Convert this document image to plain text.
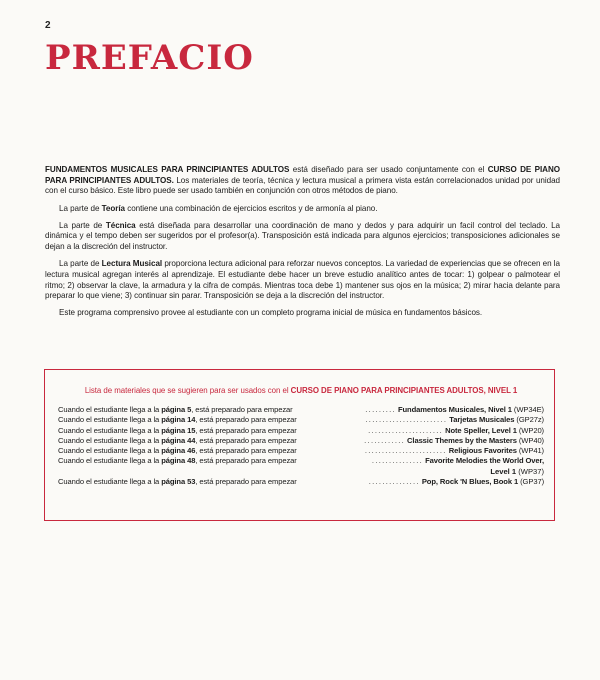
2
PREFACIO

FUNDAMENTOS MUSICALES PARA PRINCIPIANTES ADULTOS está diseñado para ser usado conjuntamente con el CURSO DE PIANO PARA PRINCIPIANTES ADULTOS. Los materiales de teoría, técnica y lectura musical a primera vista están correlacionados unidad por unidad con el curso básico. Este libro puede ser usado también en conjunción con otros métodos de piano.

La parte de Teoría contiene una combinación de ejercicios escritos y de armonía al piano.

La parte de Técnica está diseñada para desarrollar una coordinación de mano y dedos y para adquirir un facil control del teclado. La dinámica y el tempo deben ser sugeridos por el profesor(a). Transposición está indicada para algunos ejercicios; transposiciones adicionales se dejan a la discreción del instructor.

La parte de Lectura Musical proporciona lectura adicional para reforzar nuevos conceptos. La variedad de experiencias que se ofrecen en la lectura musical agregan interés al aprendizaje. El estudiante debe hacer un breve estudio analítico antes de tocar: 1) golpear o palmotear el ritmo; 2) observar la clave, la armadura y la cifra de compás. Mientras toca debe 1) mantener sus ojos en la música; 2) mirar hacia delante para preparar lo que viene; 3) continuar sin parar. Transposición se deja a la discreción del instructor.

Este programa comprensivo provee al estudiante con un completo programa inicial de música en fundamentos básicos.

Lista de materiales que se sugieren para ser usados con el CURSO DE PIANO PARA PRINCIPIANTES ADULTOS, NIVEL 1
Cuando el estudiante llega a la página 5, está preparado para empezar	......... Fundamentos Musicales, Nivel 1 (WP34E)
Cuando el estudiante llega a la página 14, está preparado para empezar	........................ Tarjetas Musicales (GP27z)
Cuando el estudiante llega a la página 15, está preparado para empezar	...................... Note Speller, Level 1 (WP20)
Cuando el estudiante llega a la página 44, está preparado para empezar	............ Classic Themes by the Masters (WP40)
Cuando el estudiante llega a la página 46, está preparado para empezar	........................ Religious Favorites (WP41)
Cuando el estudiante llega a la página 48, está preparado para empezar	............... Favorite Melodies the World Over,
Level 1 (WP37)
Cuando el estudiante llega a la página 53, está preparado para empezar	............... Pop, Rock 'N Blues, Book 1 (GP37)
